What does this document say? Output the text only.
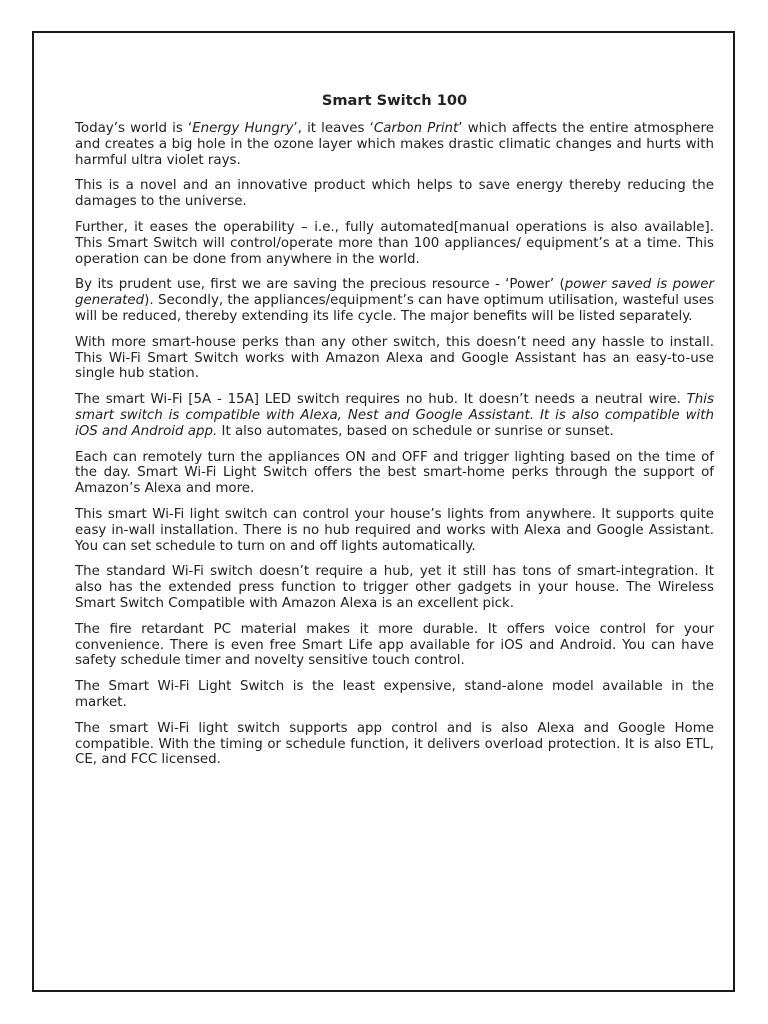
Smart Switch 100

Today’s world is ‘Energy Hungry’, it leaves ‘Carbon Print’ which affects the entire atmosphere and creates a big hole in the ozone layer which makes drastic climatic changes and hurts with harmful ultra violet rays.

This is a novel and an innovative product which helps to save energy thereby reducing the damages to the universe.

Further, it eases the operability – i.e., fully automated[manual operations is also available]. This Smart Switch will control/operate more than 100 appliances/ equipment’s at a time. This operation can be done from anywhere in the world.

By its prudent use, first we are saving the precious resource - ‘Power’ (power saved is power generated). Secondly, the appliances/equipment’s can have optimum utilisation, wasteful uses will be reduced, thereby extending its life cycle. The major benefits will be listed separately.

With more smart-house perks than any other switch, this doesn’t need any hassle to install. This Wi-Fi Smart Switch works with Amazon Alexa and Google Assistant has an easy-to-use single hub station.

The smart Wi-Fi [5A - 15A] LED switch requires no hub. It doesn’t needs a neutral wire. This smart switch is compatible with Alexa, Nest and Google Assistant. It is also compatible with iOS and Android app. It also automates, based on schedule or sunrise or sunset.

Each can remotely turn the appliances ON and OFF and trigger lighting based on the time of the day. Smart Wi-Fi Light Switch offers the best smart-home perks through the support of Amazon’s Alexa and more.

This smart Wi-Fi light switch can control your house’s lights from anywhere. It supports quite easy in-wall installation. There is no hub required and works with Alexa and Google Assistant. You can set schedule to turn on and off lights automatically.

The standard Wi-Fi switch doesn’t require a hub, yet it still has tons of smart-integration. It also has the extended press function to trigger other gadgets in your house. The Wireless Smart Switch Compatible with Amazon Alexa is an excellent pick.

The fire retardant PC material makes it more durable. It offers voice control for your convenience. There is even free Smart Life app available for iOS and Android. You can have safety schedule timer and novelty sensitive touch control.

The Smart Wi-Fi Light Switch is the least expensive, stand-alone model available in the market.

The smart Wi-Fi light switch supports app control and is also Alexa and Google Home compatible. With the timing or schedule function, it delivers overload protection. It is also ETL, CE, and FCC licensed.
